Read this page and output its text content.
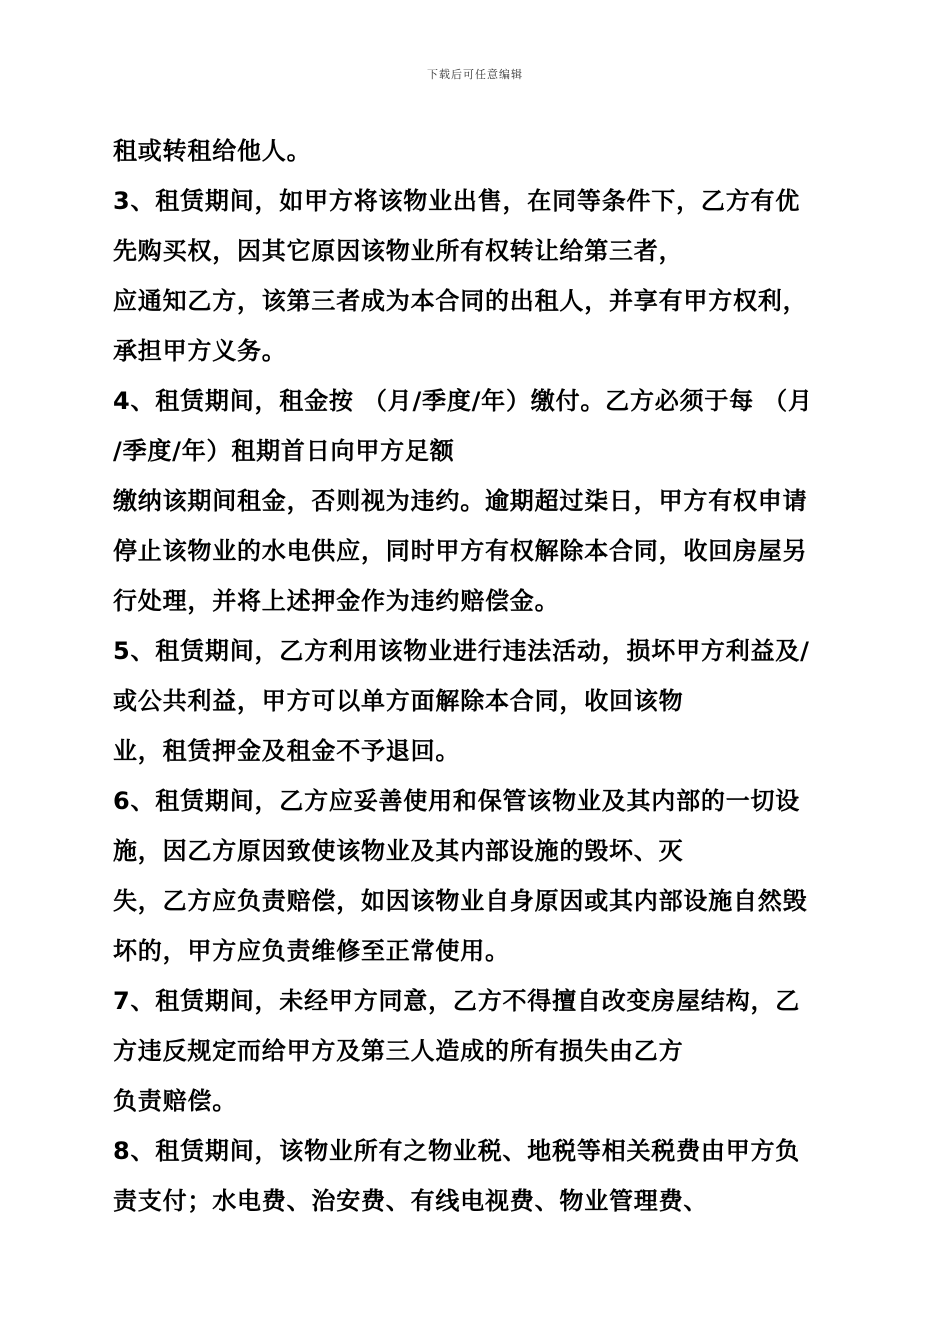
下载后可任意编辑
租或转租给他人。
3、租赁期间，如甲方将该物业出售，在同等条件下，乙方有优
先购买权，因其它原因该物业所有权转让给第三者，
应通知乙方，该第三者成为本合同的出租人，并享有甲方权利，
承担甲方义务。
4、租赁期间，租金按 （月/季度/年）缴付。乙方必须于每 （月
/季度/年）租期首日向甲方足额
缴纳该期间租金，否则视为违约。逾期超过柒日，甲方有权申请
停止该物业的水电供应，同时甲方有权解除本合同，收回房屋另
行处理，并将上述押金作为违约赔偿金。
5、租赁期间，乙方利用该物业进行违法活动，损坏甲方利益及/
或公共利益，甲方可以单方面解除本合同，收回该物
业，租赁押金及租金不予退回。
6、租赁期间，乙方应妥善使用和保管该物业及其内部的一切设
施，因乙方原因致使该物业及其内部设施的毁坏、灭
失，乙方应负责赔偿，如因该物业自身原因或其内部设施自然毁
坏的，甲方应负责维修至正常使用。
7、租赁期间，未经甲方同意，乙方不得擅自改变房屋结构，乙
方违反规定而给甲方及第三人造成的所有损失由乙方
负责赔偿。
8、租赁期间，该物业所有之物业税、地税等相关税费由甲方负
责支付；水电费、治安费、有线电视费、物业管理费、
